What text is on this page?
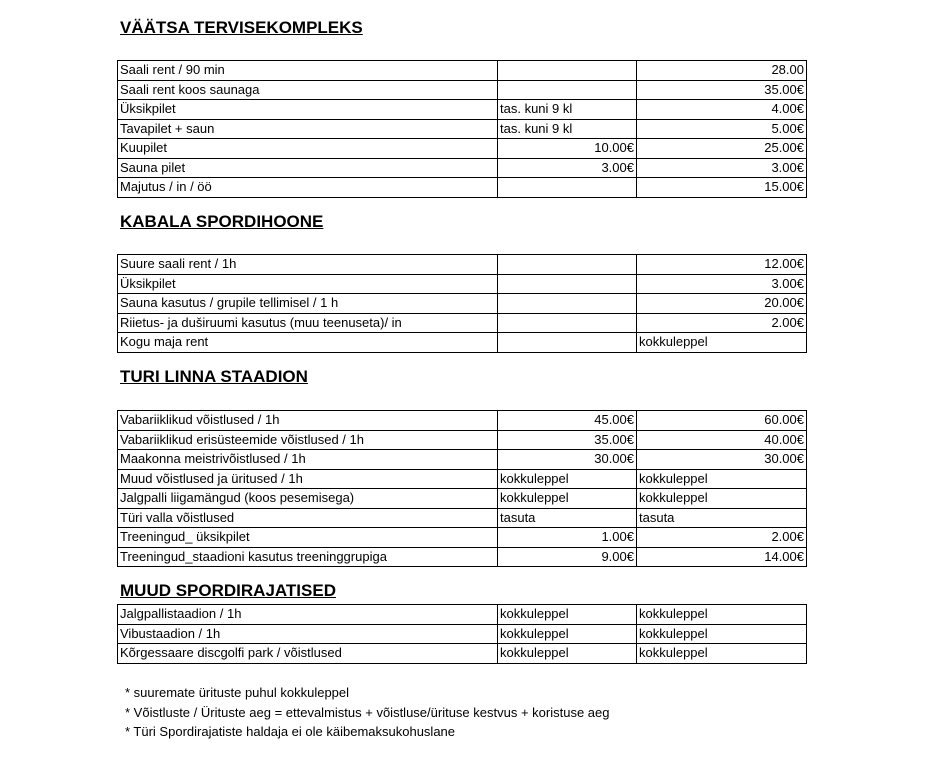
VÄÄTSA TERVISEKOMPLEKS
Saali rent / 90 min		28.00
Saali rent koos saunaga		35.00€
Üksikpilet	tas. kuni 9 kl	4.00€
Tavapilet + saun	tas. kuni 9 kl	5.00€
Kuupilet	10.00€	25.00€
Sauna pilet	3.00€	3.00€
Majutus / in / öö		15.00€
KABALA SPORDIHOONE
Suure saali rent / 1h		12.00€
Üksikpilet		3.00€
Sauna kasutus / grupile tellimisel / 1 h		20.00€
Riietus- ja duširuumi kasutus (muu teenuseta)/ in		2.00€
Kogu maja rent		kokkuleppel
TURI LINNA STAADION
Vabariiklikud võistlused / 1h	45.00€	60.00€
Vabariiklikud erisüsteemide võistlused / 1h	35.00€	40.00€
Maakonna meistrivõistlused / 1h	30.00€	30.00€
Muud võistlused ja üritused / 1h	kokkuleppel	kokkuleppel
Jalgpalli liigamängud (koos pesemisega)	kokkuleppel	kokkuleppel
Türi valla võistlused	tasuta	tasuta
Treeningud_ üksikpilet	1.00€	2.00€
Treeningud_staadioni kasutus treeninggrupiga	9.00€	14.00€
MUUD SPORDIRAJATISED
Jalgpallistaadion / 1h	kokkuleppel	kokkuleppel
Vibustaadion / 1h	kokkuleppel	kokkuleppel
Kõrgessaare discgolfi park / võistlused	kokkuleppel	kokkuleppel
* suuremate ürituste puhul kokkuleppel
* Võistluste / Ürituste aeg = ettevalmistus + võistluse/ürituse kestvus + koristuse aeg
* Türi Spordirajatiste haldaja ei ole käibemaksukohuslane
